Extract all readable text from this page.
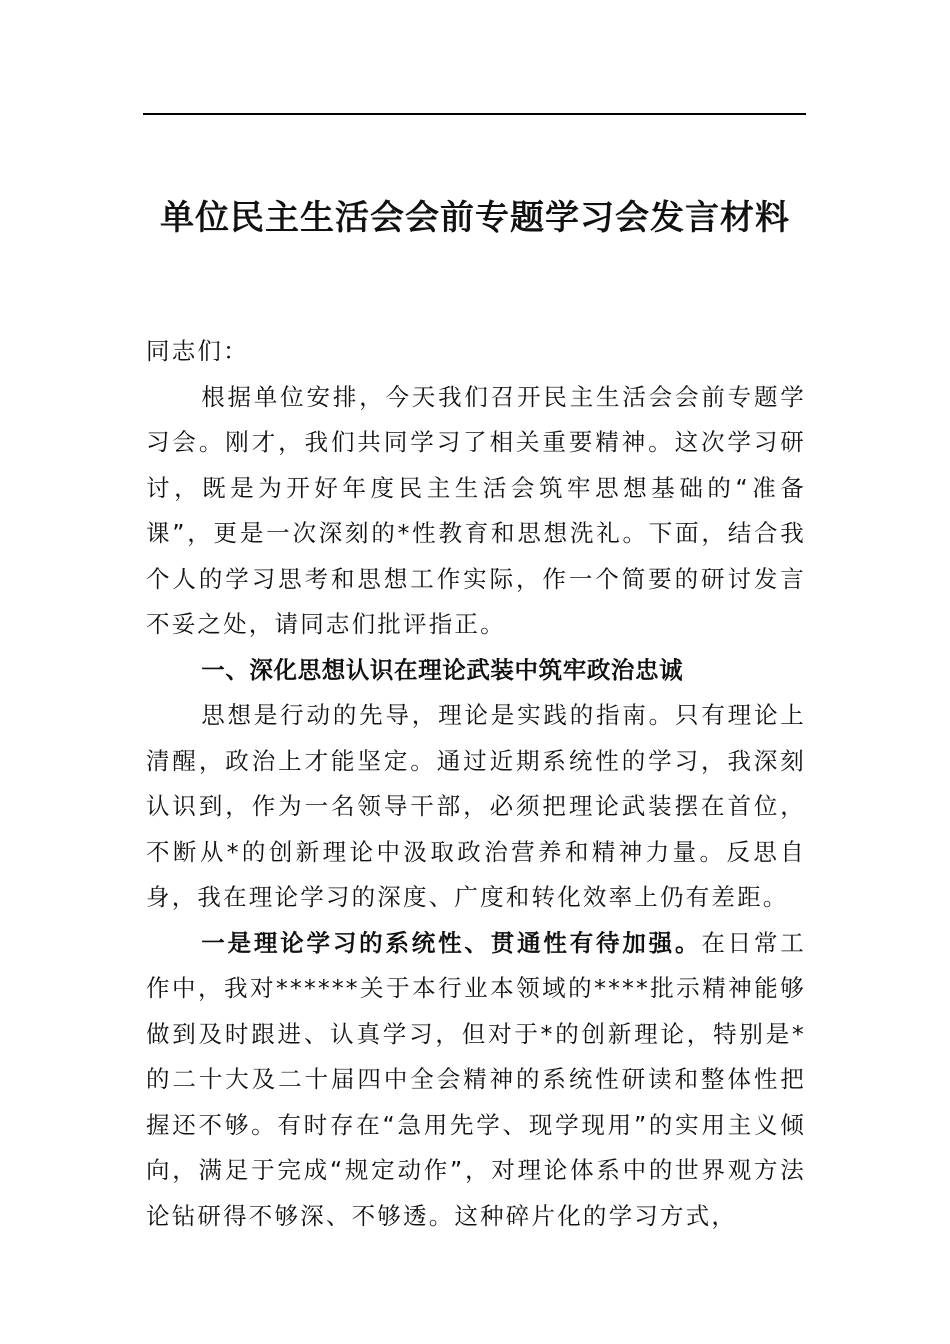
单位民主生活会会前专题学习会发言材料

同志们：

根据单位安排，今天我们召开民主生活会会前专题学习会。刚才，我们共同学习了相关重要精神。这次学习研讨，既是为开好年度民主生活会筑牢思想基础的“准备课”，更是一次深刻的*性教育和思想洗礼。下面，结合我个人的学习思考和思想工作实际，作一个简要的研讨发言不妥之处，请同志们批评指正。

一、深化思想认识在理论武装中筑牢政治忠诚

思想是行动的先导，理论是实践的指南。只有理论上清醒，政治上才能坚定。通过近期系统性的学习，我深刻认识到，作为一名领导干部，必须把理论武装摆在首位，不断从*的创新理论中汲取政治营养和精神力量。反思自身，我在理论学习的深度、广度和转化效率上仍有差距。

一是理论学习的系统性、贯通性有待加强。在日常工作中，我对******关于本行业本领域的****批示精神能够做到及时跟进、认真学习，但对于*的创新理论，特别是*的二十大及二十届四中全会精神的系统性研读和整体性把握还不够。有时存在“急用先学、现学现用”的实用主义倾向，满足于完成“规定动作”，对理论体系中的世界观方法论钻研得不够深、不够透。这种碎片化的学习方式，
